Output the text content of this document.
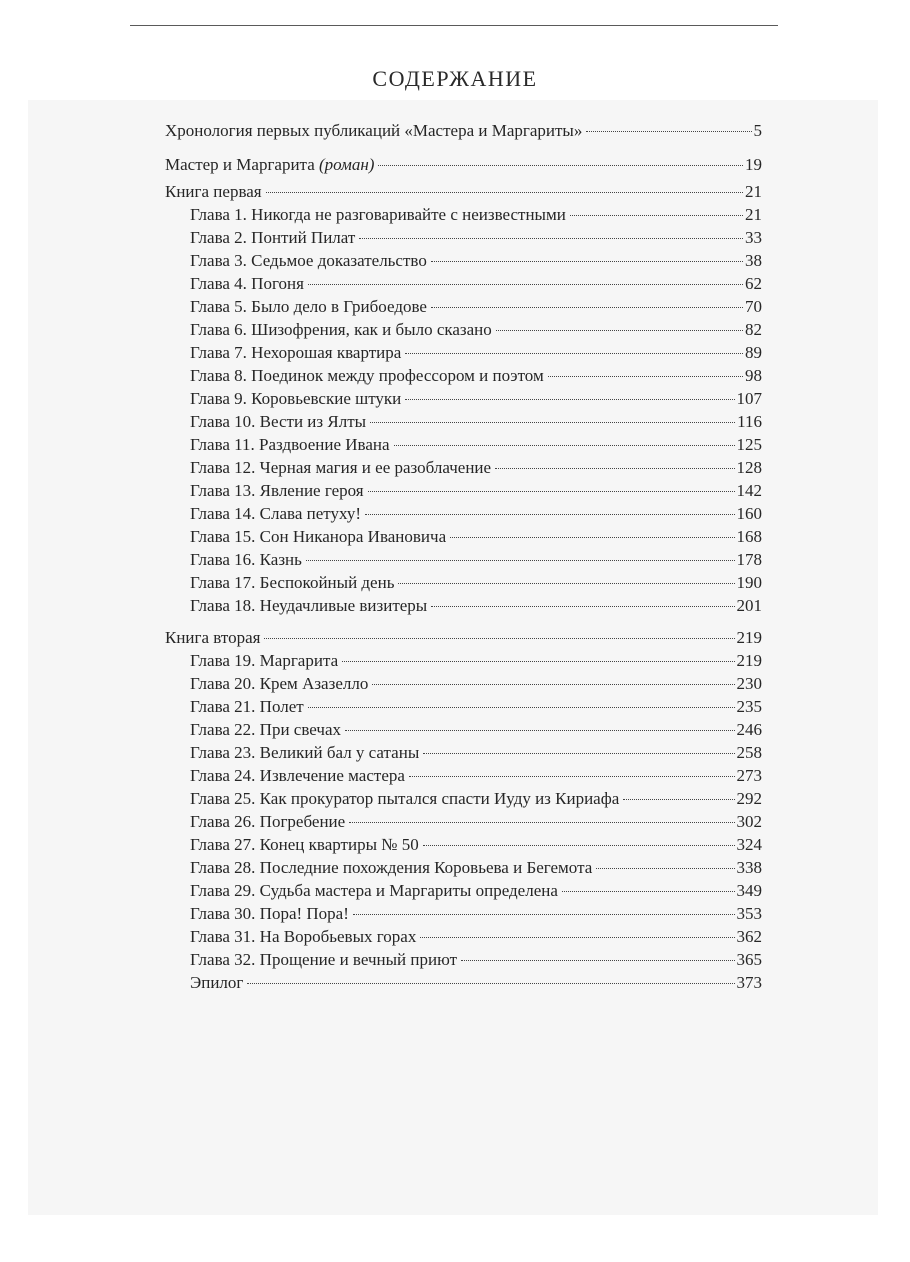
СОДЕРЖАНИЕ
Хронология первых публикаций «Мастера и Маргариты»	5
Мастер и Маргарита (роман)	19
Книга первая	21
Глава 1. Никогда не разговаривайте с неизвестными	21
Глава 2. Понтий Пилат	33
Глава 3. Седьмое доказательство	38
Глава 4. Погоня	62
Глава 5. Было дело в Грибоедове	70
Глава 6. Шизофрения, как и было сказано	82
Глава 7. Нехорошая квартира	89
Глава 8. Поединок между профессором и поэтом	98
Глава 9. Коровьевские штуки	107
Глава 10. Вести из Ялты	116
Глава 11. Раздвоение Ивана	125
Глава 12. Черная магия и ее разоблачение	128
Глава 13. Явление героя	142
Глава 14. Слава петуху!	160
Глава 15. Сон Никанора Ивановича	168
Глава 16. Казнь	178
Глава 17. Беспокойный день	190
Глава 18. Неудачливые визитеры	201
Книга вторая	219
Глава 19. Маргарита	219
Глава 20. Крем Азазелло	230
Глава 21. Полет	235
Глава 22. При свечах	246
Глава 23. Великий бал у сатаны	258
Глава 24. Извлечение мастера	273
Глава 25. Как прокуратор пытался спасти Иуду из Кириафа	292
Глава 26. Погребение	302
Глава 27. Конец квартиры № 50	324
Глава 28. Последние похождения Коровьева и Бегемота	338
Глава 29. Судьба мастера и Маргариты определена	349
Глава 30. Пора! Пора!	353
Глава 31. На Воробьевых горах	362
Глава 32. Прощение и вечный приют	365
Эпилог	373
